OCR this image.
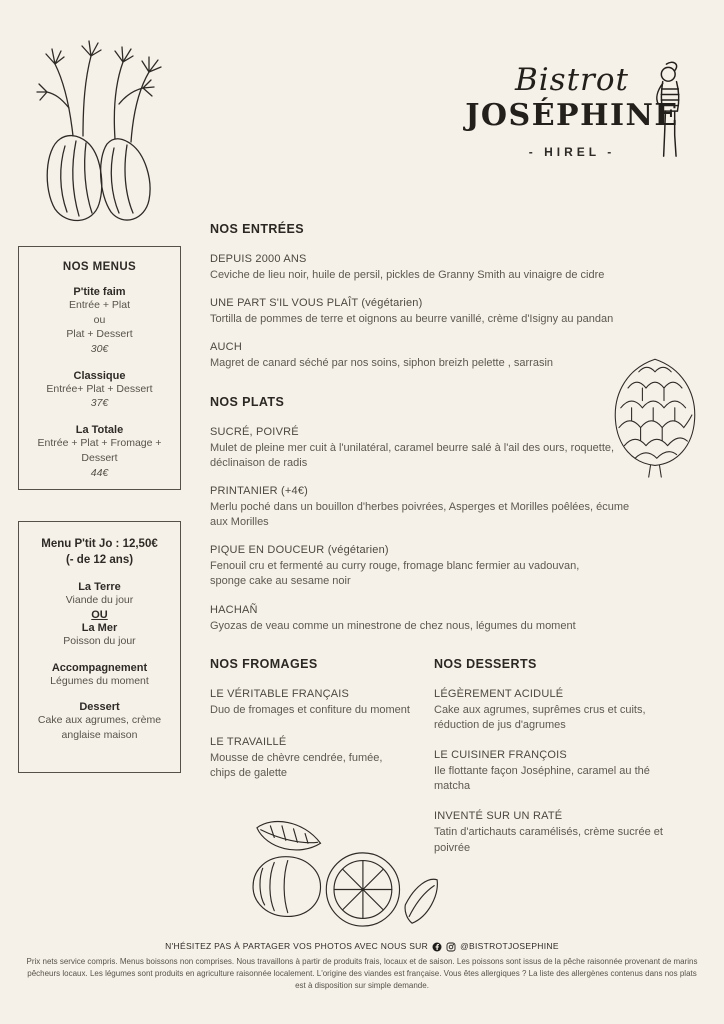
Bistrot
JOSÉPHINE
- HIREL -
NOS MENUS
P'tite faim
Entrée + Plat
ou
Plat + Dessert
30€
Classique
Entrée+ Plat + Dessert
37€
La Totale
Entrée + Plat + Fromage + Dessert
44€
Menu P'tit Jo : 12,50€
(- de 12 ans)
La Terre
Viande du jour
OU
La Mer
Poisson du jour
Accompagnement
Légumes du moment
Dessert
Cake aux agrumes, crème anglaise maison
NOS ENTRÉES
DEPUIS 2000 ANS
Ceviche de lieu noir, huile de persil, pickles de Granny Smith au vinaigre de cidre
UNE PART S'IL VOUS PLAÎT (végétarien)
Tortilla de pommes de terre et oignons au beurre vanillé, crème d'Isigny au pandan
AUCH
Magret de canard séché par nos soins, siphon breizh pelette , sarrasin
NOS PLATS
SUCRÉ, POIVRÉ
Mulet de pleine mer cuit à l'unilatéral, caramel beurre salé à l'ail des ours, roquette, déclinaison de radis
PRINTANIER (+4€)
Merlu poché dans un bouillon d'herbes poivrées, Asperges et Morilles poêlées, écume aux Morilles
PIQUE EN DOUCEUR (végétarien)
Fenouil cru et fermenté au curry rouge, fromage blanc fermier au vadouvan, sponge cake au sesame noir
HACHAÑ
Gyozas de veau comme un minestrone de chez nous, légumes du moment
NOS FROMAGES
LE VÉRITABLE FRANÇAIS
Duo de fromages et confiture du moment
LE TRAVAILLÉ
Mousse de chèvre cendrée, fumée, chips de galette
NOS DESSERTS
LÉGÈREMENT ACIDULÉ
Cake aux agrumes, suprêmes crus et cuits, réduction de jus d'agrumes
LE CUISINER FRANÇOIS
Ile flottante façon Joséphine, caramel au thé matcha
INVENTÉ SUR UN RATÉ
Tatin d'artichauts caramélisés, crème sucrée et poivrée
N'HÉSITEZ PAS À PARTAGER VOS PHOTOS AVEC NOUS SUR	@BISTROTJOSEPHINE
Prix nets service compris. Menus boissons non comprises. Nous travaillons à partir de produits frais, locaux et de saison. Les poissons sont issus de la pêche raisonnée provenant de marins pêcheurs locaux. Les légumes sont produits en agriculture raisonnée localement. L'origine des viandes est française. Vous êtes allergiques ? La liste des allergènes contenus dans nos plats est à disposition sur simple demande.
